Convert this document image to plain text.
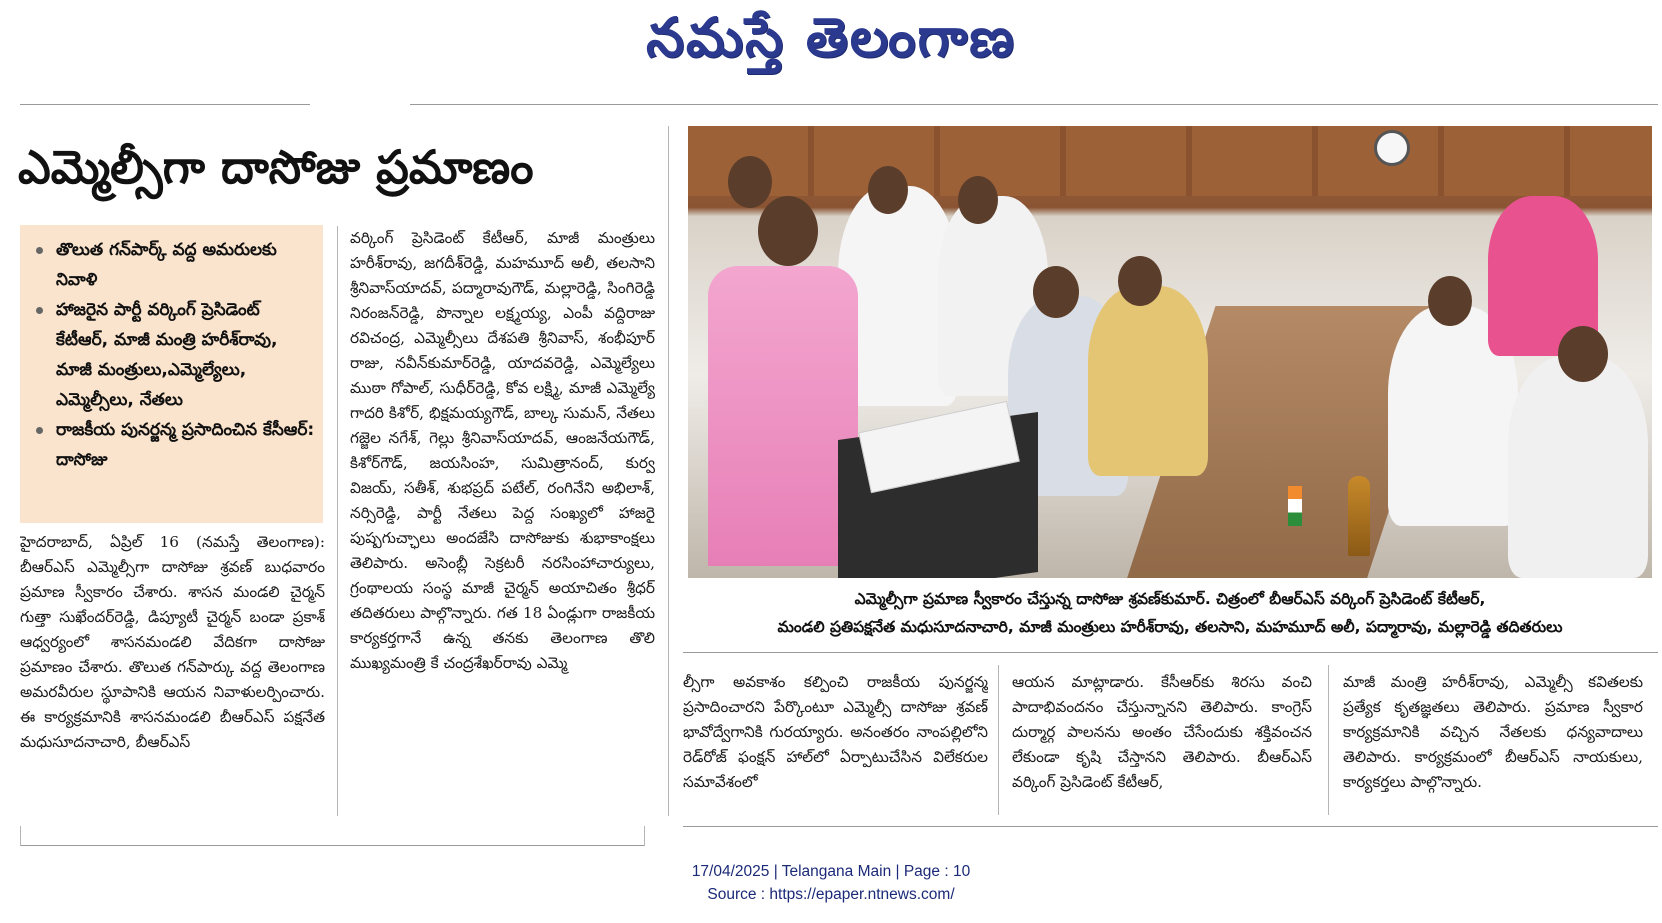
నమస్తే తెలంగాణ
ఎమ్మెల్సీగా దాసోజు ప్రమాణం
తొలుత గన్‌పార్క్‌ వద్ద అమరులకు నివాళి
హాజరైన పార్టీ వర్కింగ్‌ ప్రెసిడెంట్‌ కేటీఆర్‌, మాజీ మంత్రి హరీశ్‌రావు, మాజీ మంత్రులు,ఎమ్మెల్యేలు, ఎమ్మెల్సీలు, నేతలు
రాజకీయ పునర్జన్మ ప్రసాదించిన కేసీఆర్‌: దాసోజు

హైదరాబాద్‌, ఏప్రిల్‌ 16 (నమస్తే తెలంగాణ): బీఆర్‌ఎస్‌ ఎమ్మెల్సీగా దాసోజు శ్రవణ్‌ బుధవారం ప్రమాణ స్వీకారం చేశారు. శాసన మండలి చైర్మన్‌ గుత్తా సుఖేందర్‌రెడ్డి, డిప్యూటీ చైర్మన్‌ బండా ప్రకాశ్‌ ఆధ్వర్యంలో శాసనమండలి వేదికగా దాసోజు ప్రమాణం చేశారు. తొలుత గన్‌పార్కు వద్ద తెలంగాణ అమరవీరుల స్థూపానికి ఆయన నివాళులర్పించారు. ఈ కార్యక్రమానికి శాసనమండలి బీఆర్‌ఎస్‌ పక్షనేత మధుసూదనాచారి, బీఆర్‌ఎస్‌

వర్కింగ్‌ ప్రెసిడెంట్‌ కేటీఆర్‌, మాజీ మంత్రులు హరీశ్‌రావు, జగదీశ్‌రెడ్డి, మహమూద్‌ అలీ, తలసాని శ్రీనివాస్‌యాదవ్‌, పద్మారావుగౌడ్‌, మల్లారెడ్డి, సింగిరెడ్డి నిరంజన్‌రెడ్డి, పొన్నాల లక్ష్మయ్య, ఎంపీ వద్దిరాజు రవిచంద్ర, ఎమ్మెల్సీలు దేశపతి శ్రీనివాస్‌, శంభీపూర్‌ రాజు, నవీన్‌కుమార్‌రెడ్డి, యాదవరెడ్డి, ఎమ్మెల్యేలు ముఠా గోపాల్‌, సుధీర్‌రెడ్డి, కోవ లక్ష్మి, మాజీ ఎమ్మెల్యే గాదరి కిశోర్‌, భిక్షమయ్యగౌడ్‌, బాల్క సుమన్‌, నేతలు గజ్జెల నగేశ్‌, గెల్లు శ్రీనివాస్‌యాదవ్‌, ఆంజనేయగౌడ్‌, కిశోర్‌గౌడ్‌, జయసింహ, సుమిత్రానంద్‌, కుర్వ విజయ్‌, సతీశ్‌, శుభప్రద్‌ పటేల్‌, రంగినేని అభిలాశ్‌, నర్సిరెడ్డి, పార్టీ నేతలు పెద్ద సంఖ్యలో హాజరై పుష్పగుచ్ఛాలు అందజేసి దాసోజుకు శుభాకాంక్షలు తెలిపారు. అసెంబ్లీ సెక్రటరీ నరసింహాచార్యులు, గ్రంథాలయ సంస్థ మాజీ చైర్మన్‌ అయాచితం శ్రీధర్‌ తదితరులు పాల్గొన్నారు. గత 18 ఏండ్లుగా రాజకీయ కార్యకర్తగానే ఉన్న తనకు తెలంగాణ తొలి ముఖ్యమంత్రి కే చంద్రశేఖర్‌రావు ఎమ్మె

ఎమ్మెల్సీగా ప్రమాణ స్వీకారం చేస్తున్న దాసోజు శ్రవణ్‌కుమార్‌. చిత్రంలో బీఆర్‌ఎస్‌ వర్కింగ్‌ ప్రెసిడెంట్‌ కేటీఆర్‌,
మండలి ప్రతిపక్షనేత మధుసూదనాచారి, మాజీ మంత్రులు హరీశ్‌రావు, తలసాని, మహమూద్‌ అలీ, పద్మారావు, మల్లారెడ్డి తదితరులు

ల్సీగా అవకాశం కల్పించి రాజకీయ పునర్జన్మ ప్రసాదించారని పేర్కొంటూ ఎమ్మెల్సీ దాసోజు శ్రవణ్‌ భావోద్వేగానికి గురయ్యారు. అనంతరం నాంపల్లిలోని రెడ్‌రోజ్‌ ఫంక్షన్‌ హాల్‌లో ఏర్పాటుచేసిన విలేకరుల సమావేశంలో

ఆయన మాట్లాడారు. కేసీఆర్‌కు శిరసు వంచి పాదాభివందనం చేస్తున్నానని తెలిపారు. కాంగ్రెస్‌ దుర్మార్గ పాలనను అంతం చేసేందుకు శక్తివంచన లేకుండా కృషి చేస్తానని తెలిపారు. బీఆర్‌ఎస్‌ వర్కింగ్‌ ప్రెసిడెంట్‌ కేటీఆర్‌,

మాజీ మంత్రి హరీశ్‌రావు, ఎమ్మెల్సీ కవితలకు ప్రత్యేక కృతజ్ఞతలు తెలిపారు. ప్రమాణ స్వీకార కార్యక్రమానికి వచ్చిన నేతలకు ధన్యవాదాలు తెలిపారు. కార్యక్రమంలో బీఆర్‌ఎస్‌ నాయకులు, కార్యకర్తలు పాల్గొన్నారు.

17/04/2025 | Telangana Main | Page : 10
Source : https://epaper.ntnews.com/
